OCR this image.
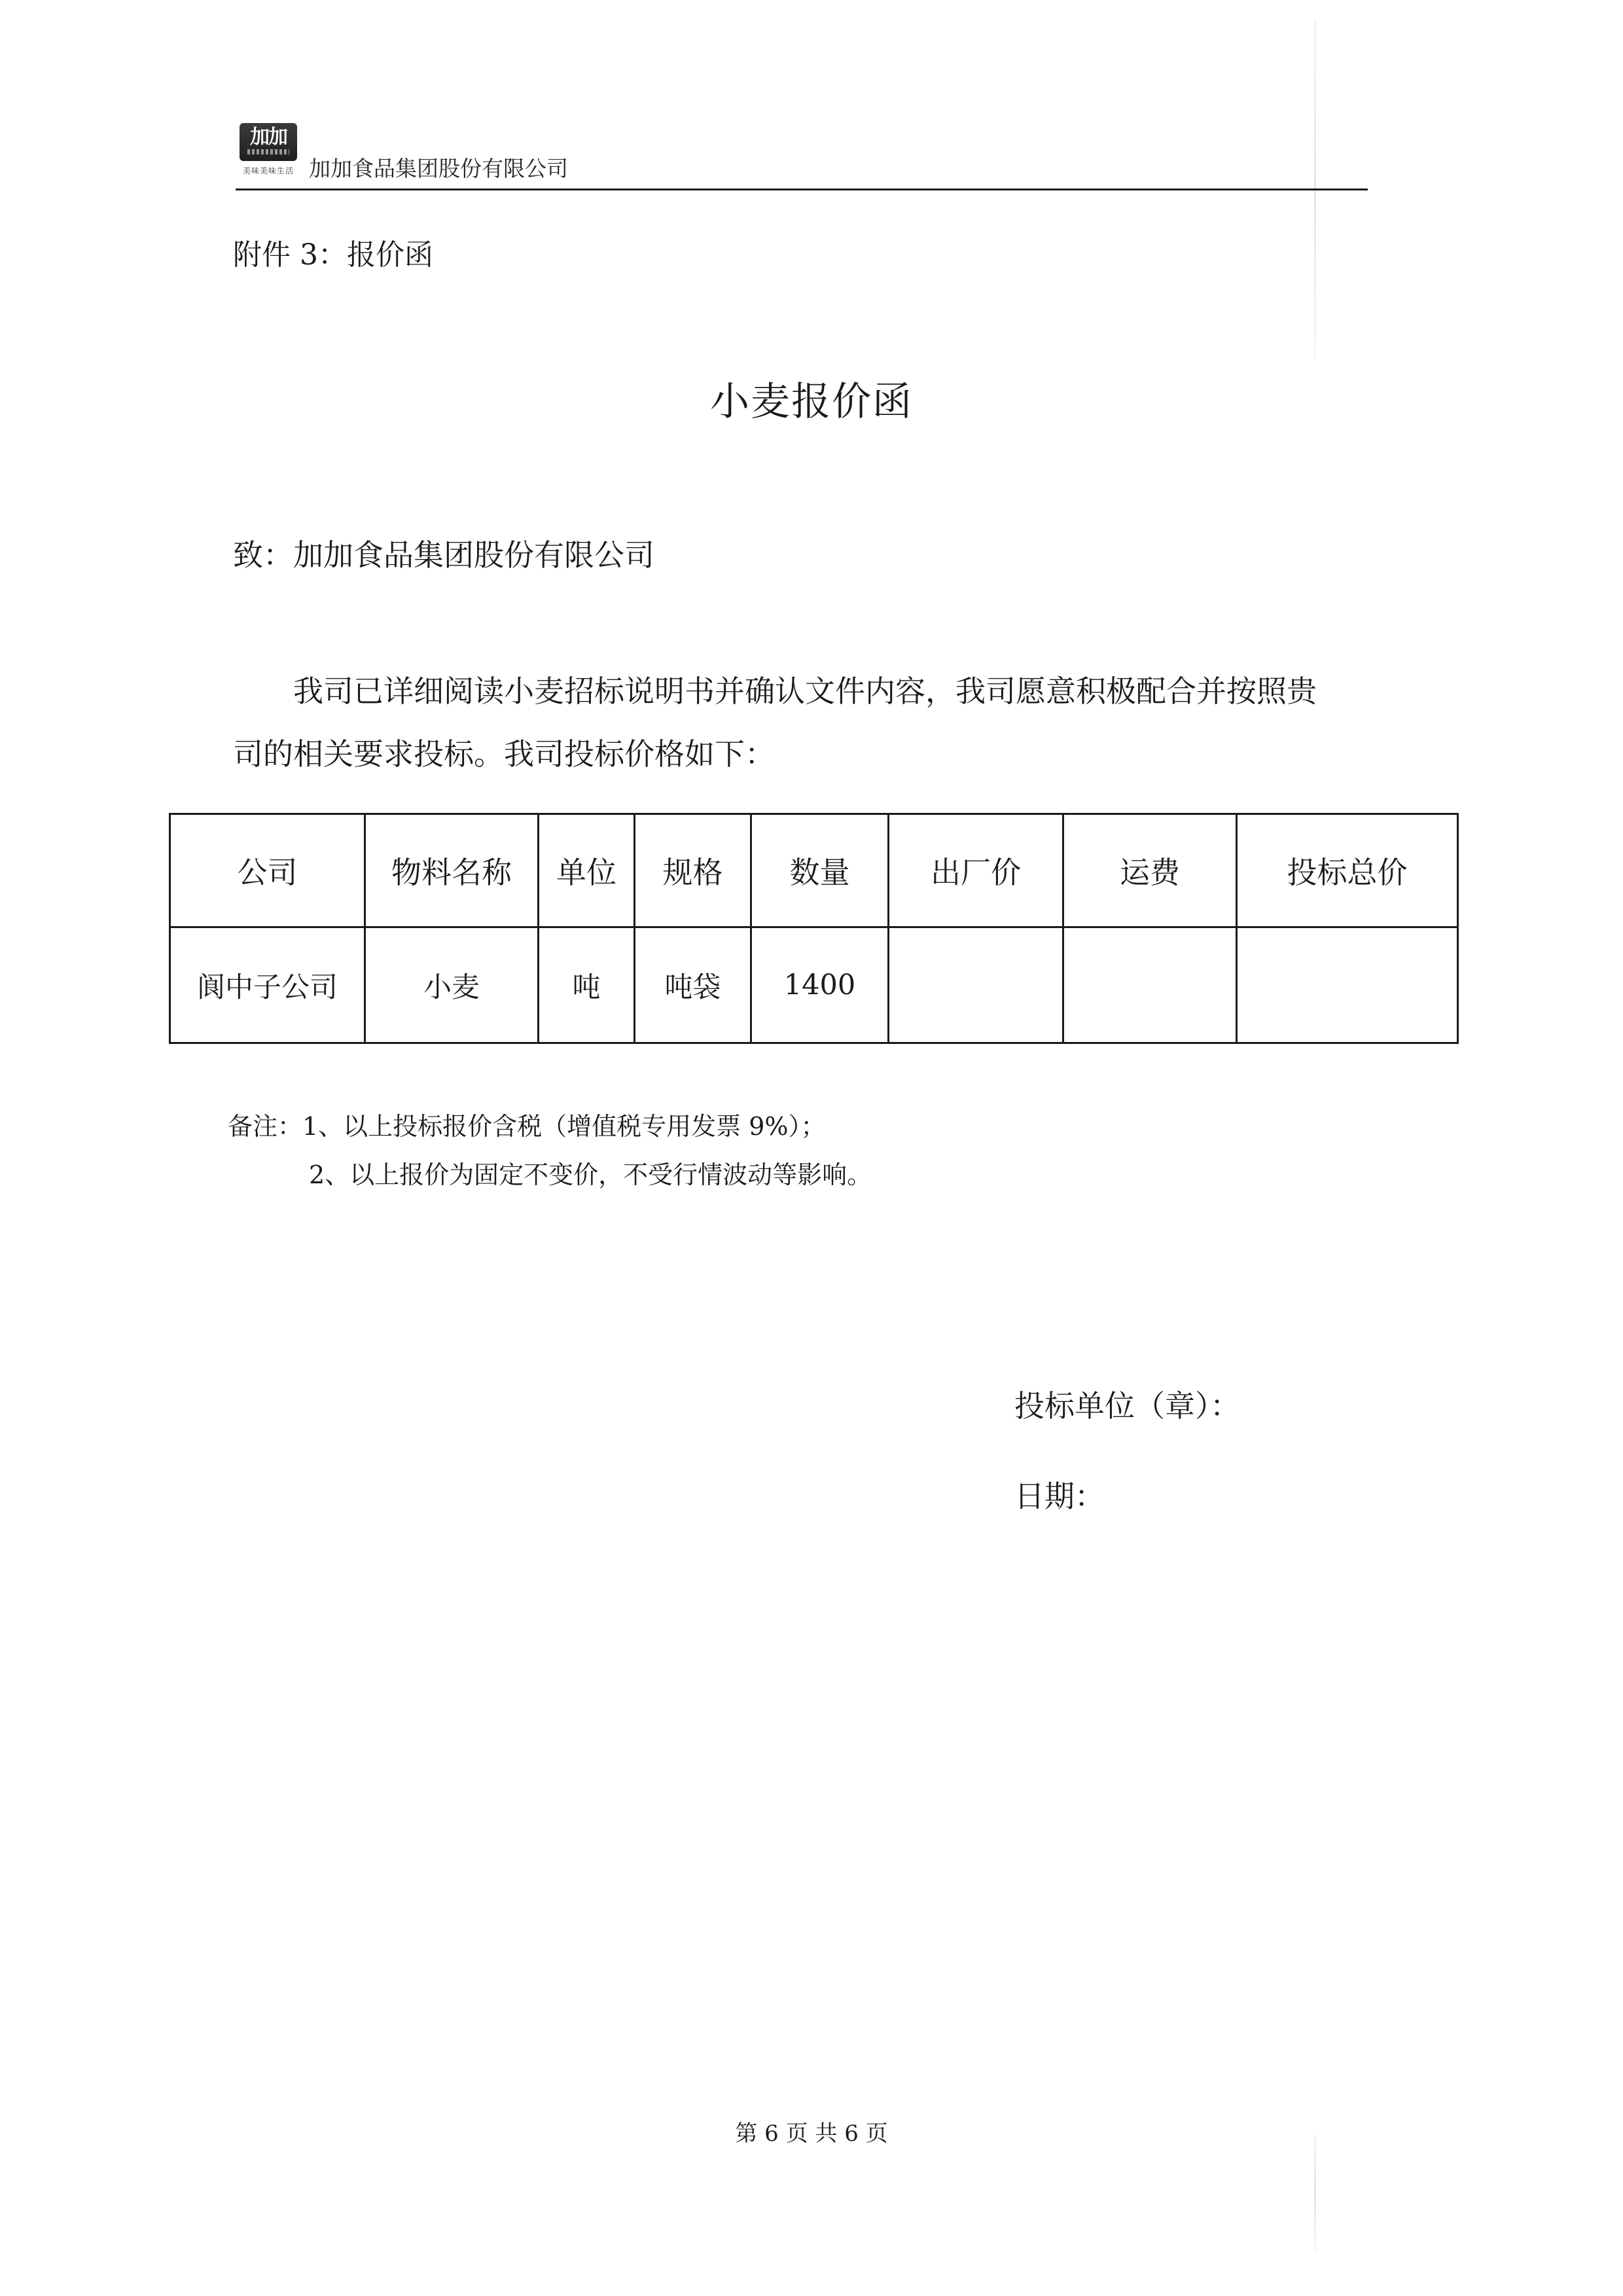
加加
美味美味生活 加加食品集团股份有限公司
附件 3：报价函
小麦报价函
致：加加食品集团股份有限公司
我司已详细阅读小麦招标说明书并确认文件内容，我司愿意积极配合并按照贵司的相关要求投标。我司投标价格如下：
公司	物料名称	单位	规格	数量	出厂价	运费	投标总价
阆中子公司	小麦	吨	吨袋	1400			
备注：1、以上投标报价含税（增值税专用发票 9%）；
2、以上报价为固定不变价，不受行情波动等影响。
投标单位（章）：
日期：
第 6 页 共 6 页
